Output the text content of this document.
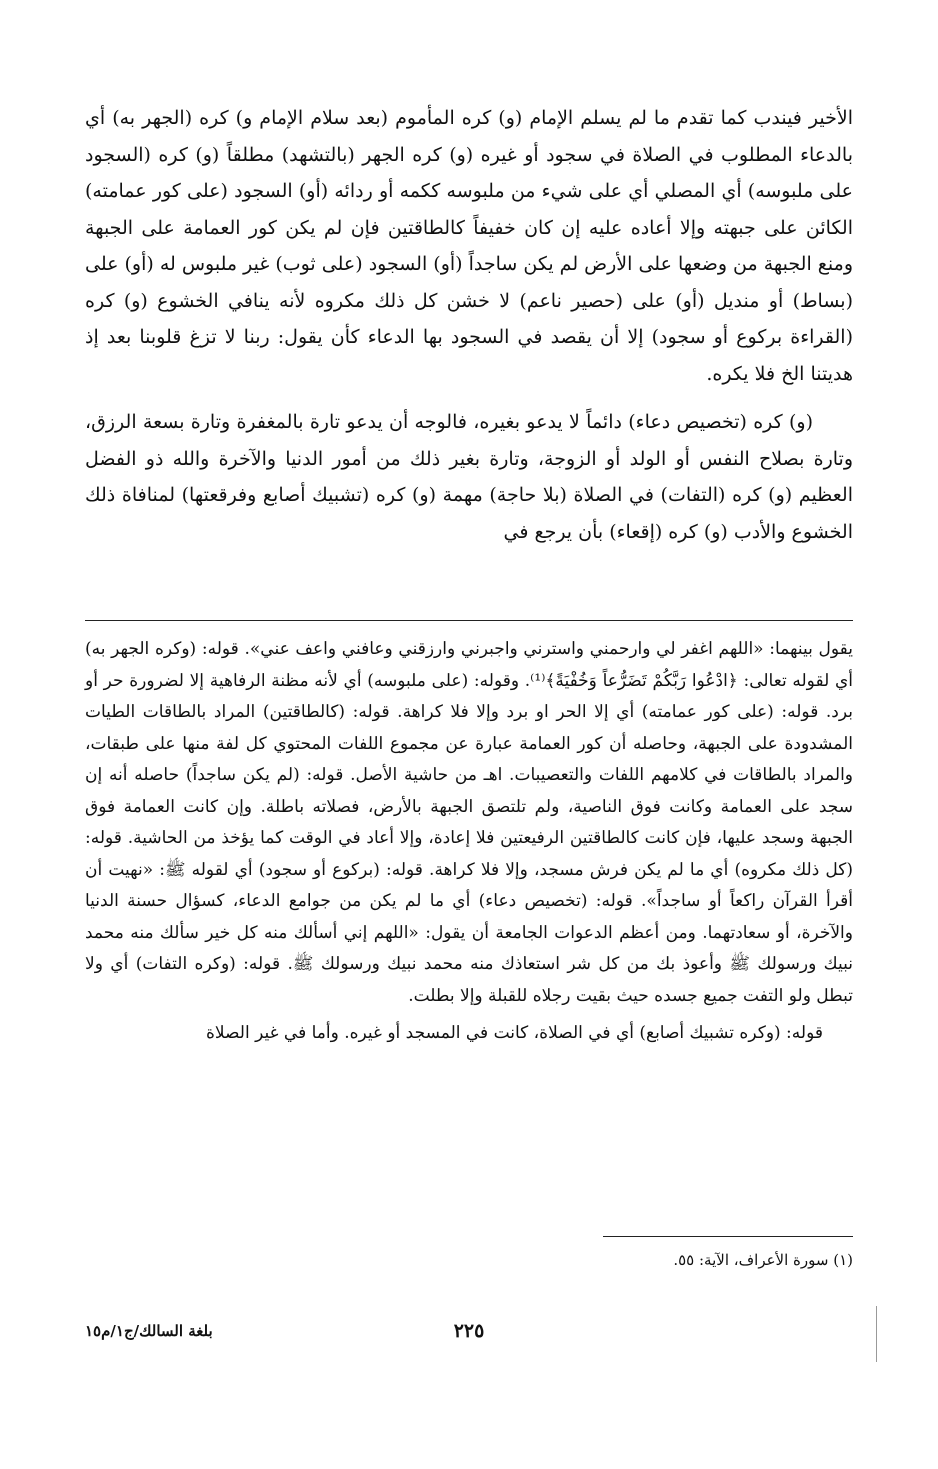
الأخير فيندب كما تقدم ما لم يسلم الإمام (و) كره المأموم (بعد سلام الإمام و) كره (الجهر به) أي بالدعاء المطلوب في الصلاة في سجود أو غيره (و) كره الجهر (بالتشهد) مطلقاً (و) كره (السجود على ملبوسه) أي المصلي أي على شيء من ملبوسه ككمه أو ردائه (أو) السجود (على كور عمامته) الكائن على جبهته وإلا أعاده عليه إن كان خفيفاً كالطاقتين فإن لم يكن كور العمامة على الجبهة ومنع الجبهة من وضعها على الأرض لم يكن ساجداً (أو) السجود (على ثوب) غير ملبوس له (أو) على (بساط) أو منديل (أو) على (حصير ناعم) لا خشن كل ذلك مكروه لأنه ينافي الخشوع (و) كره (القراءة بركوع أو سجود) إلا أن يقصد في السجود بها الدعاء كأن يقول: ربنا لا تزغ قلوبنا بعد إذ هديتنا الخ فلا يكره.

(و) كره (تخصيص دعاء) دائماً لا يدعو بغيره، فالوجه أن يدعو تارة بالمغفرة وتارة بسعة الرزق، وتارة بصلاح النفس أو الولد أو الزوجة، وتارة بغير ذلك من أمور الدنيا والآخرة والله ذو الفضل العظيم (و) كره (التفات) في الصلاة (بلا حاجة) مهمة (و) كره (تشبيك أصابع وفرقعتها) لمنافاة ذلك الخشوع والأدب (و) كره (إقعاء) بأن يرجع في

يقول بينهما: «اللهم اغفر لي وارحمني واسترني واجبرني وارزقني وعافني واعف عني». قوله: (وكره الجهر به) أي لقوله تعالى: ﴿ادْعُوا رَبَّكُمْ تَضَرُّعاً وَخُفْيَةً﴾⁽¹⁾. وقوله: (على ملبوسه) أي لأنه مظنة الرفاهية إلا لضرورة حر أو برد. قوله: (على كور عمامته) أي إلا الحر او برد وإلا فلا كراهة. قوله: (كالطاقتين) المراد بالطاقات الطيات المشدودة على الجبهة، وحاصله أن كور العمامة عبارة عن مجموع اللفات المحتوي كل لفة منها على طبقات، والمراد بالطاقات في كلامهم اللفات والتعصيبات. اهـ من حاشية الأصل. قوله: (لم يكن ساجداً) حاصله أنه إن سجد على العمامة وكانت فوق الناصية، ولم تلتصق الجبهة بالأرض، فصلاته باطلة. وإن كانت العمامة فوق الجبهة وسجد عليها، فإن كانت كالطاقتين الرفيعتين فلا إعادة، وإلا أعاد في الوقت كما يؤخذ من الحاشية. قوله: (كل ذلك مكروه) أي ما لم يكن فرش مسجد، وإلا فلا كراهة. قوله: (بركوع أو سجود) أي لقوله ﷺ: «نهيت أن أقرأ القرآن راكعاً أو ساجداً». قوله: (تخصيص دعاء) أي ما لم يكن من جوامع الدعاء، كسؤال حسنة الدنيا والآخرة، أو سعادتهما. ومن أعظم الدعوات الجامعة أن يقول: «اللهم إني أسألك منه كل خير سألك منه محمد نبيك ورسولك ﷺ وأعوذ بك من كل شر استعاذك منه محمد نبيك ورسولك ﷺ. قوله: (وكره التفات) أي ولا تبطل ولو التفت جميع جسده حيث بقيت رجلاه للقبلة وإلا بطلت.

قوله: (وكره تشبيك أصابع) أي في الصلاة، كانت في المسجد أو غيره. وأما في غير الصلاة

(١) سورة الأعراف، الآية: ٥٥.
٢٢٥
بلغة السالك/ج١/م١٥
